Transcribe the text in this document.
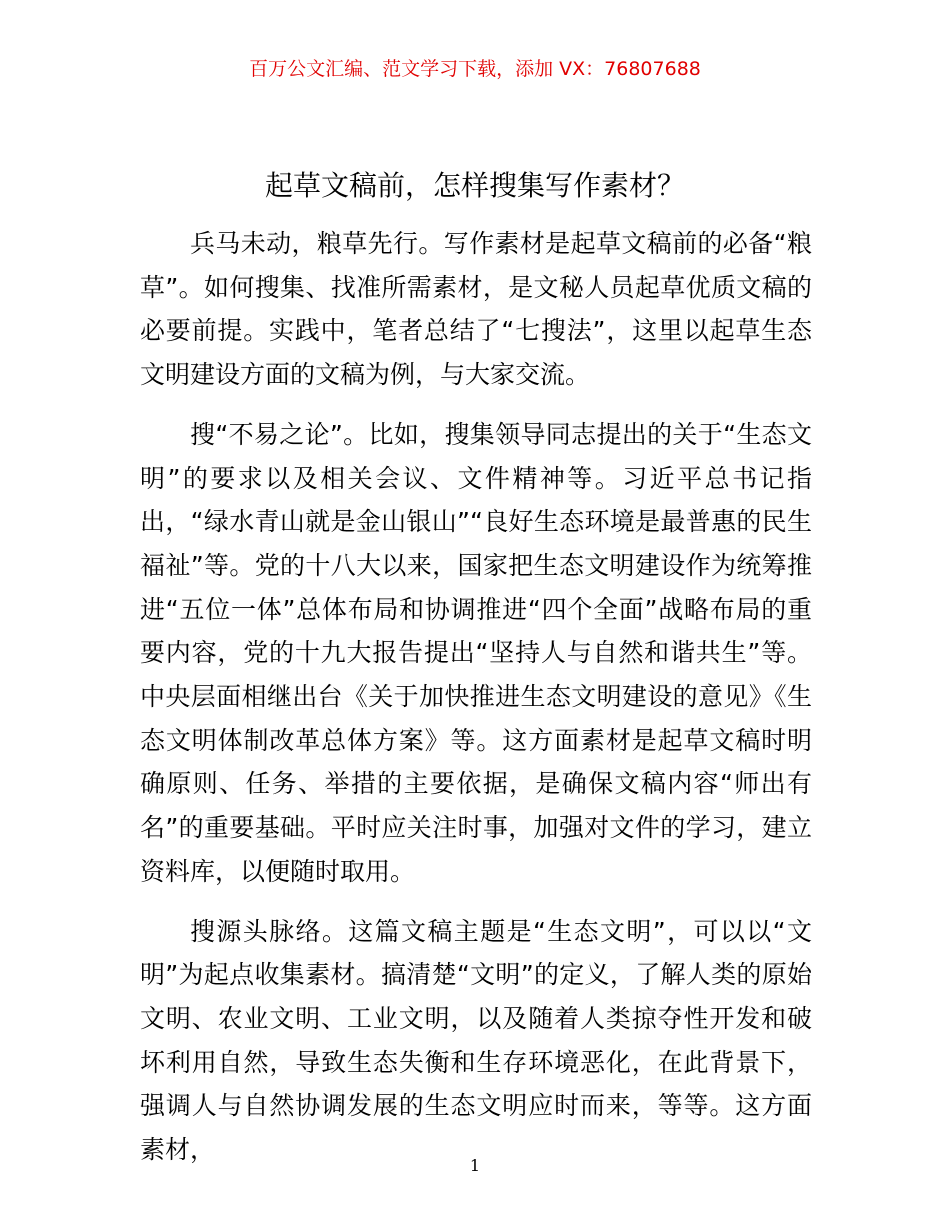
百万公文汇编、范文学习下载，添加 VX：76807688
起草文稿前，怎样搜集写作素材？

兵马未动，粮草先行。写作素材是起草文稿前的必备“粮草”。如何搜集、找准所需素材，是文秘人员起草优质文稿的必要前提。实践中，笔者总结了“七搜法”，这里以起草生态文明建设方面的文稿为例，与大家交流。

搜“不易之论”。比如，搜集领导同志提出的关于“生态文明”的要求以及相关会议、文件精神等。习近平总书记指出，“绿水青山就是金山银山”“良好生态环境是最普惠的民生福祉”等。党的十八大以来，国家把生态文明建设作为统筹推进“五位一体”总体布局和协调推进“四个全面”战略布局的重要内容，党的十九大报告提出“坚持人与自然和谐共生”等。中央层面相继出台《关于加快推进生态文明建设的意见》《生态文明体制改革总体方案》等。这方面素材是起草文稿时明确原则、任务、举措的主要依据，是确保文稿内容“师出有名”的重要基础。平时应关注时事，加强对文件的学习，建立资料库，以便随时取用。

搜源头脉络。这篇文稿主题是“生态文明”，可以以“文明”为起点收集素材。搞清楚“文明”的定义，了解人类的原始文明、农业文明、工业文明，以及随着人类掠夺性开发和破坏利用自然，导致生态失衡和生存环境恶化，在此背景下，强调人与自然协调发展的生态文明应时而来，等等。这方面素材，

1
